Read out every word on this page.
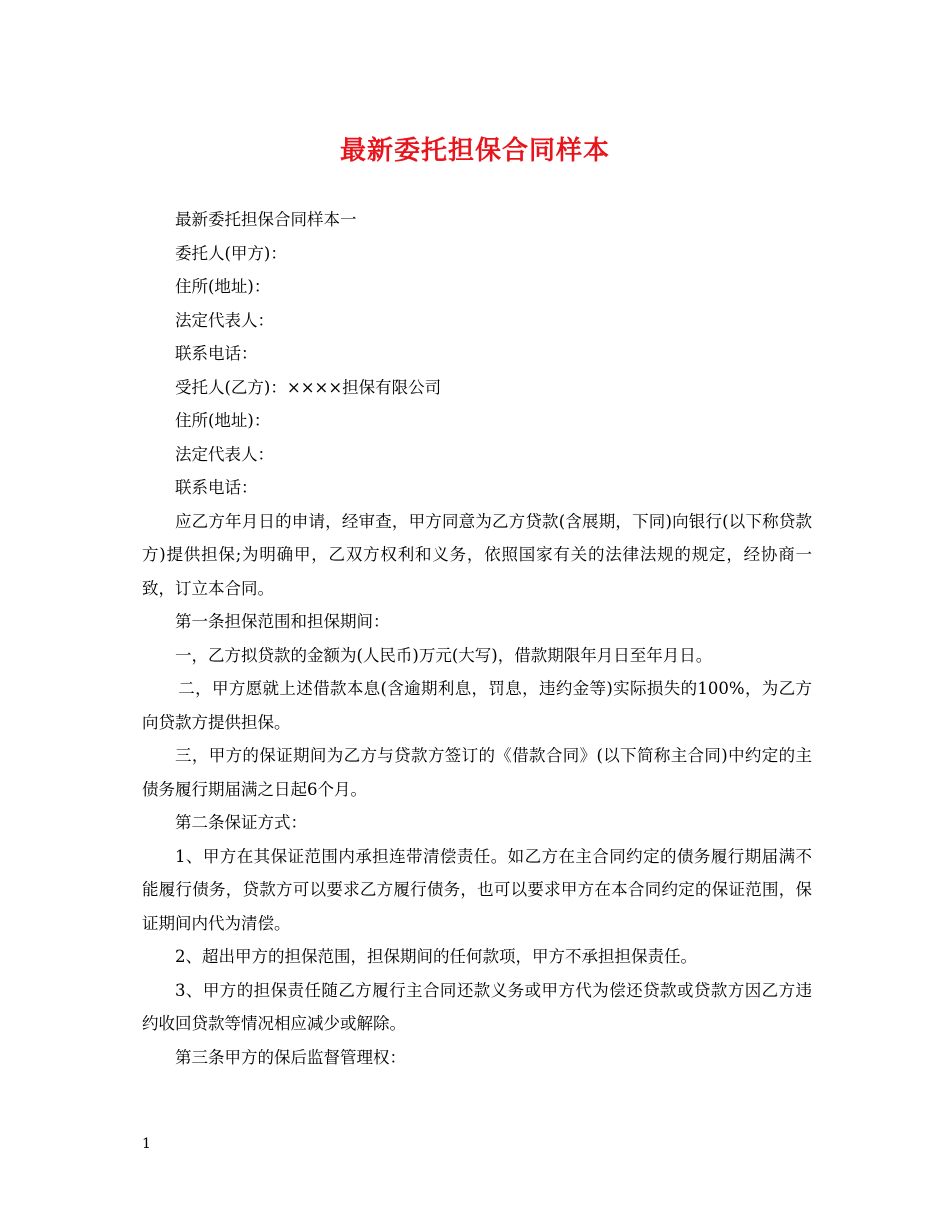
最新委托担保合同样本

最新委托担保合同样本一

委托人(甲方)：

住所(地址)：

法定代表人：

联系电话：

受托人(乙方)：××××担保有限公司

住所(地址)：

法定代表人：

联系电话：

应乙方年月日的申请，经审查，甲方同意为乙方贷款(含展期，下同)向银行(以下称贷款方)提供担保;为明确甲，乙双方权利和义务，依照国家有关的法律法规的规定，经协商一致，订立本合同。

第一条担保范围和担保期间：

一，乙方拟贷款的金额为(人民币)万元(大写)，借款期限年月日至年月日。

二，甲方愿就上述借款本息(含逾期利息，罚息，违约金等)实际损失的100%，为乙方向贷款方提供担保。

三，甲方的保证期间为乙方与贷款方签订的《借款合同》(以下简称主合同)中约定的主债务履行期届满之日起6个月。

第二条保证方式：

1、甲方在其保证范围内承担连带清偿责任。如乙方在主合同约定的债务履行期届满不能履行债务，贷款方可以要求乙方履行债务，也可以要求甲方在本合同约定的保证范围，保证期间内代为清偿。

2、超出甲方的担保范围，担保期间的任何款项，甲方不承担担保责任。

3、甲方的担保责任随乙方履行主合同还款义务或甲方代为偿还贷款或贷款方因乙方违约收回贷款等情况相应减少或解除。

第三条甲方的保后监督管理权：

1
